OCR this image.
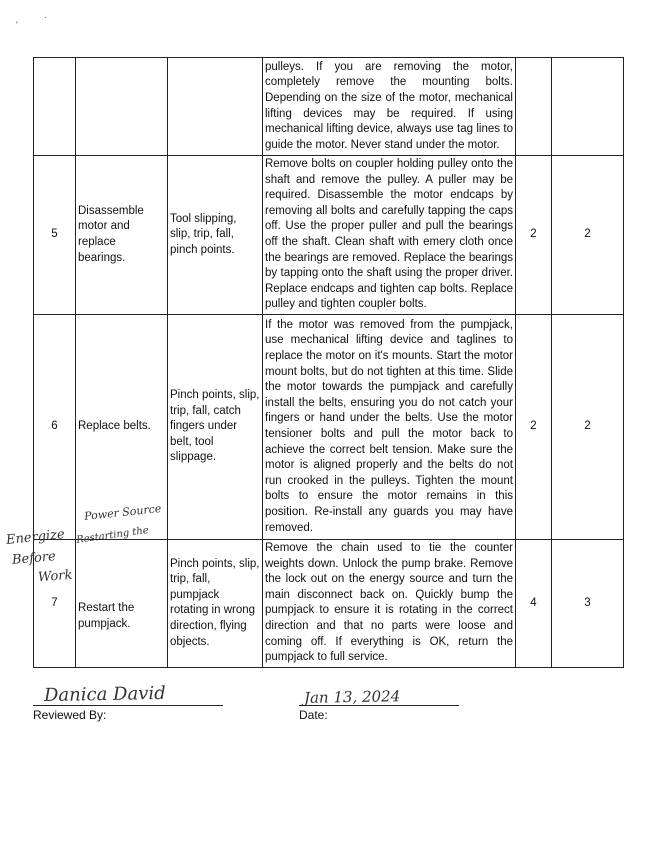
'
.
			pulleys. If you are removing the motor, completely remove the mounting bolts. Depending on the size of the motor, mechanical lifting devices may be required. If using mechanical lifting device, always use tag lines to guide the motor. Never stand under the motor.		
5	Disassemble motor and replace bearings.	Tool slipping, slip, trip, fall, pinch points.	Remove bolts on coupler holding pulley onto the shaft and remove the pulley. A puller may be required. Disassemble the motor endcaps by removing all bolts and carefully tapping the caps off. Use the proper puller and pull the bearings off the shaft. Clean shaft with emery cloth once the bearings are removed. Replace the bearings by tapping onto the shaft using the proper driver. Replace endcaps and tighten cap bolts. Replace pulley and tighten coupler bolts.	2	2
6	Replace belts.	Pinch points, slip, trip, fall, catch fingers under belt, tool slippage.	If the motor was removed from the pumpjack, use mechanical lifting device and taglines to replace the motor on it's mounts. Start the motor mount bolts, but do not tighten at this time. Slide the motor towards the pumpjack and carefully install the belts, ensuring you do not catch your fingers or hand under the belts. Use the motor tensioner bolts and pull the motor back to achieve the correct belt tension. Make sure the motor is aligned properly and the belts do not run crooked in the pulleys. Tighten the mount bolts to ensure the motor remains in this position. Re-install any guards you may have removed.	2	2
7	Restart the pumpjack.	Pinch points, slip, trip, fall, pumpjack rotating in wrong direction, flying objects.	Remove the chain used to tie the counter weights down. Unlock the pump brake. Remove the lock out on the energy source and turn the main disconnect back on. Quickly bump the pumpjack to ensure it is rotating in the correct direction and that no parts were loose and coming off. If everything is OK, return the pumpjack to full service.	4	3
Power Source
Restarting the
Energize
Before
Work
Danica David
Reviewed By:
Jan 13, 2024
Date:
